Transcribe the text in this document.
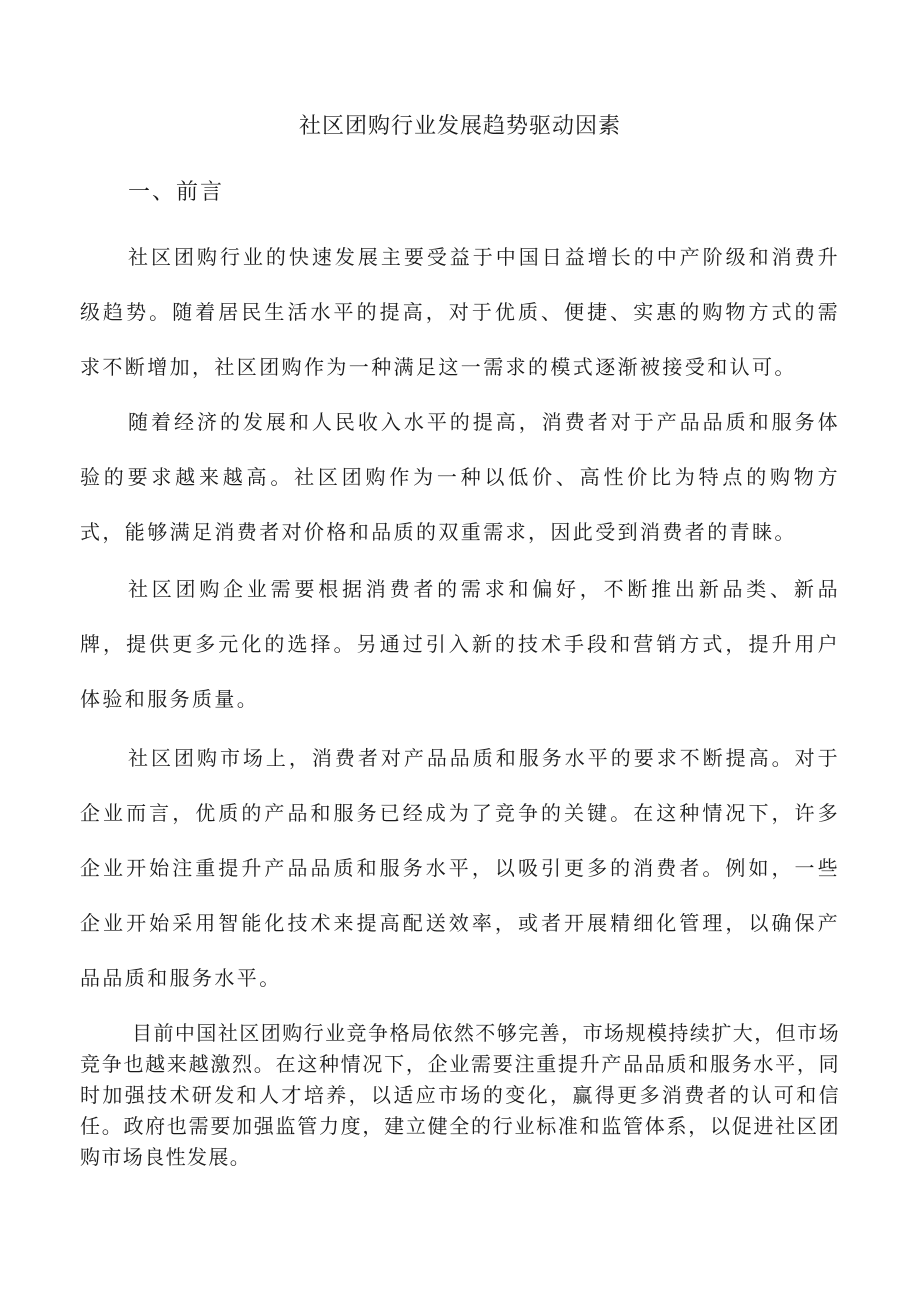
社区团购行业发展趋势驱动因素
一、前言

社区团购行业的快速发展主要受益于中国日益增长的中产阶级和消费升级趋势。随着居民生活水平的提高，对于优质、便捷、实惠的购物方式的需求不断增加，社区团购作为一种满足这一需求的模式逐渐被接受和认可。

随着经济的发展和人民收入水平的提高，消费者对于产品品质和服务体验的要求越来越高。社区团购作为一种以低价、高性价比为特点的购物方式，能够满足消费者对价格和品质的双重需求，因此受到消费者的青睐。

社区团购企业需要根据消费者的需求和偏好，不断推出新品类、新品牌，提供更多元化的选择。另通过引入新的技术手段和营销方式，提升用户体验和服务质量。

社区团购市场上，消费者对产品品质和服务水平的要求不断提高。对于企业而言，优质的产品和服务已经成为了竞争的关键。在这种情况下，许多企业开始注重提升产品品质和服务水平，以吸引更多的消费者。例如，一些企业开始采用智能化技术来提高配送效率，或者开展精细化管理，以确保产品品质和服务水平。

目前中国社区团购行业竞争格局依然不够完善，市场规模持续扩大，但市场竞争也越来越激烈。在这种情况下，企业需要注重提升产品品质和服务水平，同时加强技术研发和人才培养，以适应市场的变化，赢得更多消费者的认可和信任。政府也需要加强监管力度，建立健全的行业标准和监管体系，以促进社区团购市场良性发展。
